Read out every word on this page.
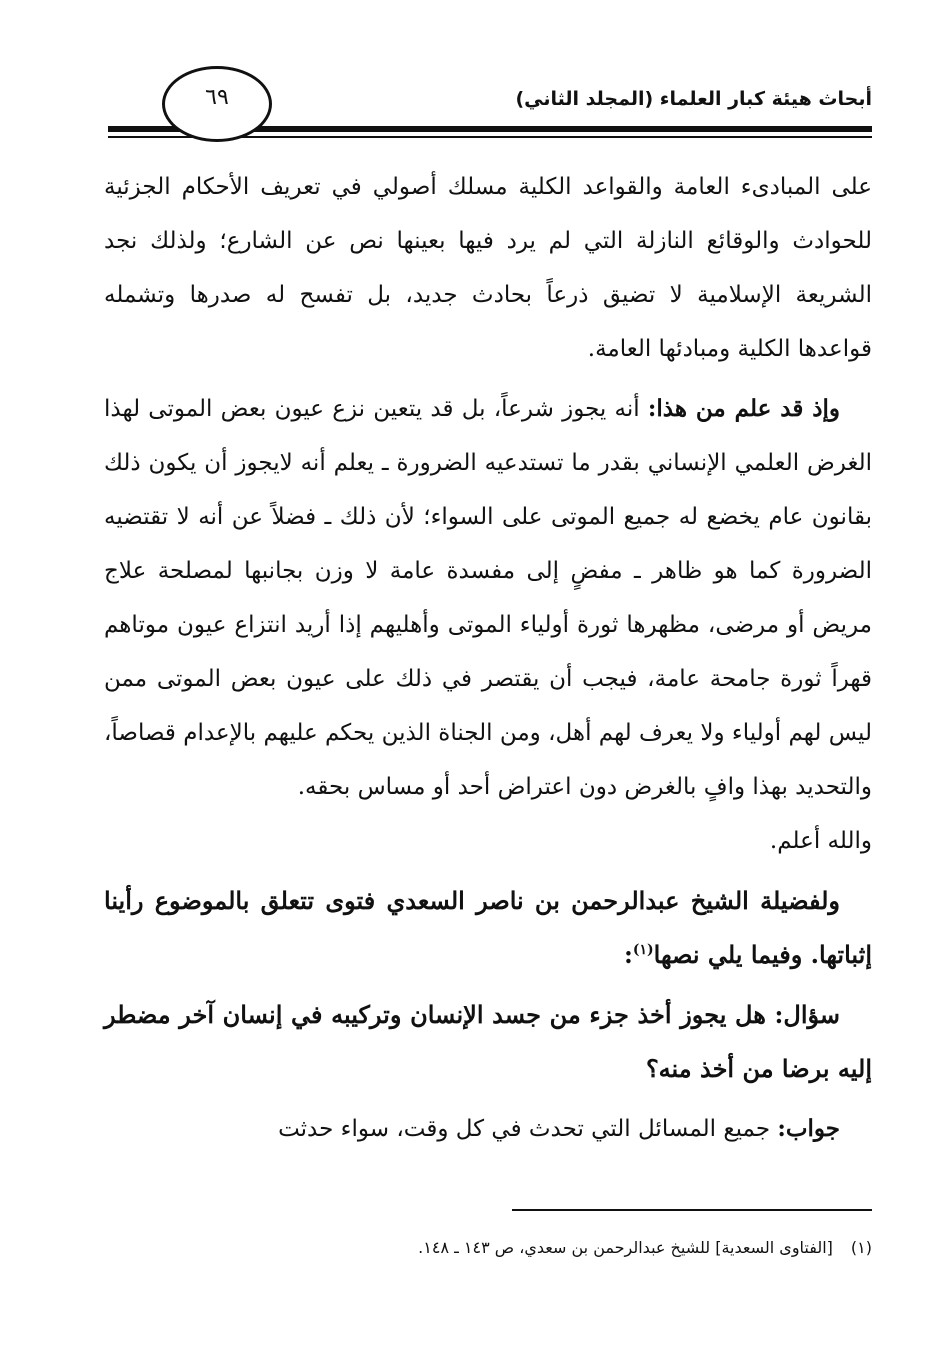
أبحاث هيئة كبار العلماء (المجلد الثاني)
٦٩

على المبادىء العامة والقواعد الكلية مسلك أصولي في تعريف الأحكام الجزئية للحوادث والوقائع النازلة التي لم يرد فيها بعينها نص عن الشارع؛ ولذلك نجد الشريعة الإسلامية لا تضيق ذرعاً بحادث جديد، بل تفسح له صدرها وتشمله قواعدها الكلية ومبادئها العامة.

وإذ قد علم من هذا: أنه يجوز شرعاً، بل قد يتعين نزع عيون بعض الموتى لهذا الغرض العلمي الإنساني بقدر ما تستدعيه الضرورة ـ يعلم أنه لايجوز أن يكون ذلك بقانون عام يخضع له جميع الموتى على السواء؛ لأن ذلك ـ فضلاً عن أنه لا تقتضيه الضرورة كما هو ظاهر ـ مفضٍ إلى مفسدة عامة لا وزن بجانبها لمصلحة علاج مريض أو مرضى، مظهرها ثورة أولياء الموتى وأهليهم إذا أريد انتزاع عيون موتاهم قهراً ثورة جامحة عامة، فيجب أن يقتصر في ذلك على عيون بعض الموتى ممن ليس لهم أولياء ولا يعرف لهم أهل، ومن الجناة الذين يحكم عليهم بالإعدام قصاصاً، والتحديد بهذا وافٍ بالغرض دون اعتراض أحد أو مساس بحقه.

والله أعلم.

ولفضيلة الشيخ عبدالرحمن بن ناصر السعدي فتوى تتعلق بالموضوع رأينا إثباتها. وفيما يلي نصها$^{(١)}$:

سؤال: هل يجوز أخذ جزء من جسد الإنسان وتركيبه في إنسان آخر مضطر إليه برضا من أخذ منه؟

جواب: جميع المسائل التي تحدث في كل وقت، سواء حدثت

(١)[الفتاوى السعدية] للشيخ عبدالرحمن بن سعدي، ص ١٤٣ ـ ١٤٨.
